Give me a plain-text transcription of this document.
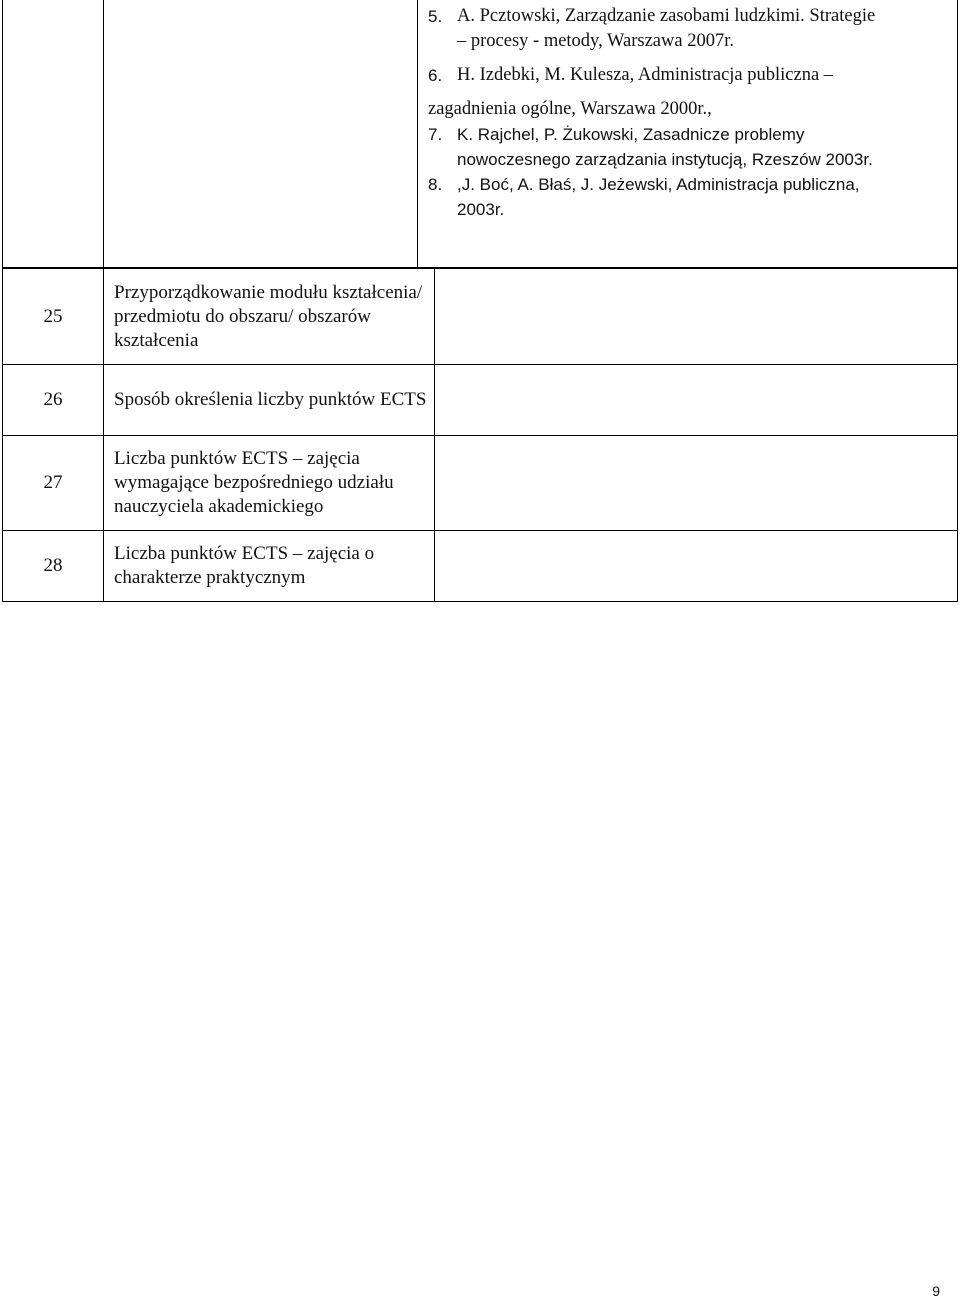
5. A. Pcztowski, Zarządzanie zasobami ludzkimi. Strategie
– procesy - metody, Warszawa 2007r.
6. H. Izdebki, M. Kulesza, Administracja publiczna –
zagadnienia ogólne, Warszawa 2000r.,
7. K. Rajchel, P. Żukowski, Zasadnicze problemy
nowoczesnego zarządzania instytucją, Rzeszów 2003r.
8. ,J. Boć, A. Błaś, J. Jeżewski, Administracja publiczna,
2003r.
25	Przyporządkowanie modułu kształcenia/ przedmiotu do obszaru/ obszarów kształcenia	
26	Sposób określenia liczby punktów ECTS	
27	Liczba punktów ECTS – zajęcia wymagające bezpośredniego udziału nauczyciela akademickiego	
28	Liczba punktów ECTS – zajęcia o charakterze praktycznym	
9
